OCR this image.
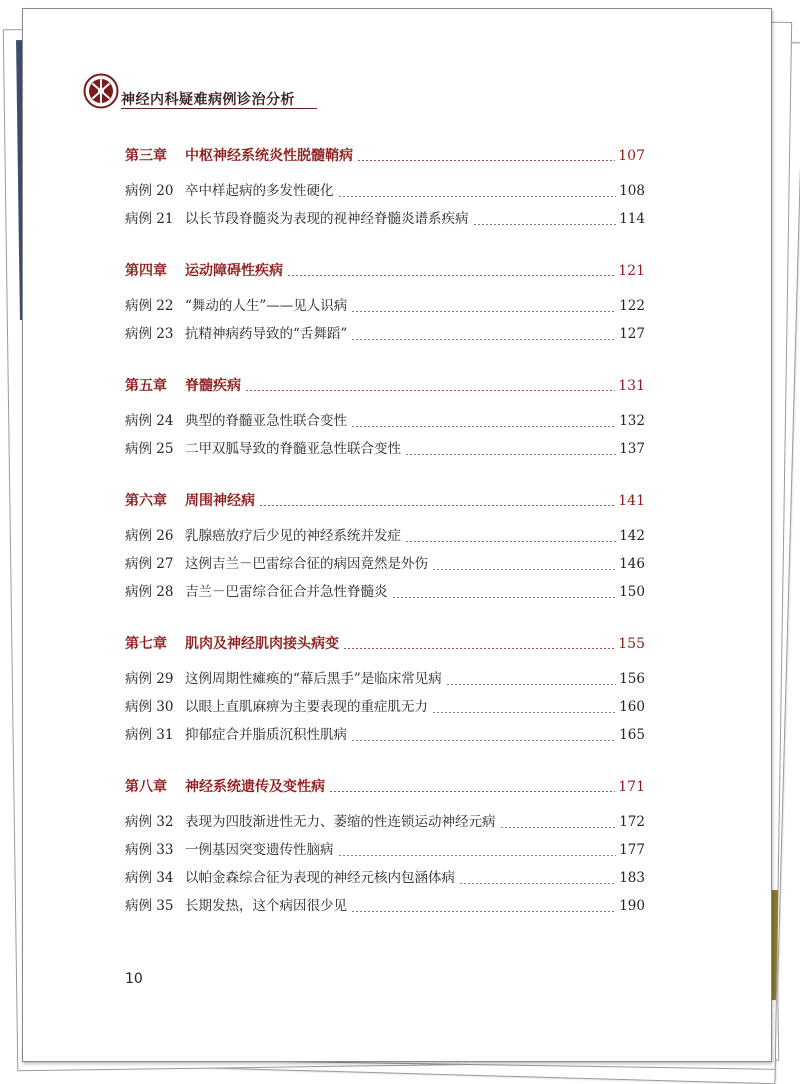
神经内科疑难病例诊治分析
第三章	中枢神经系统炎性脱髓鞘病	107
病例 20 卒中样起病的多发性硬化	108
病例 21 以长节段脊髓炎为表现的视神经脊髓炎谱系疾病	114
第四章	运动障碍性疾病	121
病例 22 “舞动的人生”——见人识病	122
病例 23 抗精神病药导致的“舌舞蹈”	127
第五章	脊髓疾病	131
病例 24 典型的脊髓亚急性联合变性	132
病例 25 二甲双胍导致的脊髓亚急性联合变性	137
第六章	周围神经病	141
病例 26 乳腺癌放疗后少见的神经系统并发症	142
病例 27 这例吉兰－巴雷综合征的病因竟然是外伤	146
病例 28 吉兰－巴雷综合征合并急性脊髓炎	150
第七章	肌肉及神经肌肉接头病变	155
病例 29 这例周期性瘫痪的“幕后黑手”是临床常见病	156
病例 30 以眼上直肌麻痹为主要表现的重症肌无力	160
病例 31 抑郁症合并脂质沉积性肌病	165
第八章	神经系统遗传及变性病	171
病例 32 表现为四肢渐进性无力、萎缩的性连锁运动神经元病	172
病例 33 一例基因突变遗传性脑病	177
病例 34 以帕金森综合征为表现的神经元核内包涵体病	183
病例 35 长期发热，这个病因很少见	190
10
